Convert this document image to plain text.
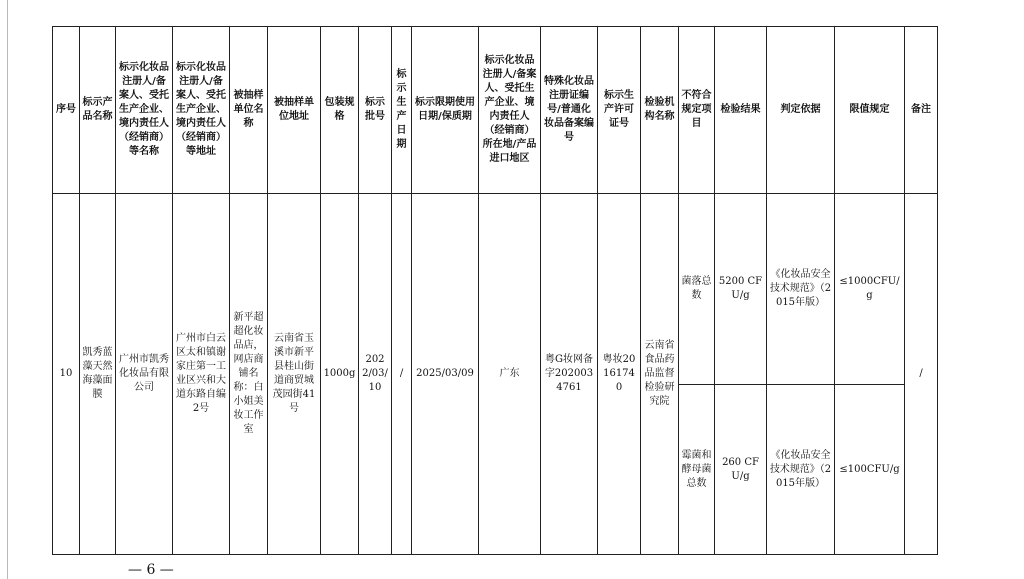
序号	标示产品名称	标示化妆品注册人/备案人、受托生产企业、境内责任人（经销商）等名称	标示化妆品注册人/备案人、受托生产企业、境内责任人（经销商）等地址	被抽样单位名称	被抽样单位地址	包装规格	标示批号	标示生产日期	标示限期使用日期/保质期	标示化妆品注册人/备案人、受托生产企业、境内责任人（经销商）所在地/产品进口地区	特殊化妆品注册证编号/普通化妆品备案编号	标示生产许可证号	检验机构名称	不符合规定项目	检验结果	判定依据	限值规定	备注
10	凯秀蓝藻天然海藻面膜	广州市凯秀化妆品有限公司	广州市白云区太和镇谢家庄第一工业区兴和大道东路自编2号	新平超超化妆品店，网店商铺名称：白小姐美妆工作室	云南省玉溪市新平县桂山街道商贸城茂园街41号	1000g	2022/03/10	/	2025/03/09	广东	粤G妆网备字2020034761	粤妆20161740	云南省食品药品监督检验研究院	菌落总数	5200 CFU/g	《化妆品安全技术规范》（2015年版）	≤1000CFU/g	/
														霉菌和酵母菌总数	260 CFU/g	《化妆品安全技术规范》（2015年版）	≤100CFU/g	
— 6 —
